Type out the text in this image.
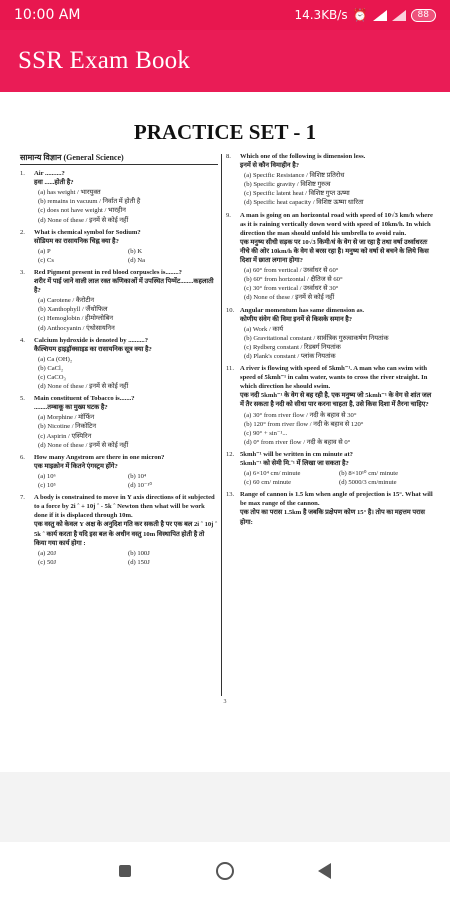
10:00 AM	14.3KB/s ⏰	88
SSR Exam Book
PRACTICE SET - 1
सामान्य विज्ञान (General Science)
1.	Air ..........?
हवा ......होती है?
(a) has weight / भारयुक्त
(b) remains in vacuum / निर्वात में होती है
(c) does not have weight / भारहीन
(d) None of these / इनमें से कोई नहीं
2.	What is chemical symbol for Sodium?
सोडियम का रासायनिक चिह्न क्या है?
(a) P	(b) K
(c) Cs	(d) Na
3.	Red Pigment present in red blood corpuscles is........?
शरीर में पाई जाने वाली लाल रक्त कणिकाओं में उपस्थित पिग्मेंट........कहलाती है?
(a) Carotene / कैरोटीन
(b) Xanthophyll / जैंथोफिल
(c) Hemoglobin / हीमोग्लोबिन
(d) Anthocyanin / एंथोसायनिन
4.	Calcium hydroxide is denoted by ..........?
कैल्शियम हाइड्रॉक्साइड का रासायनिक सूत्र क्या है?
(a) Ca (OH)₂
(b) CaCl₂
(c) CaCO₃
(d) None of these / इनमें से कोई नहीं
5.	Main constituent of Tobacco is.......?
........तम्बाकू का मुख्य घटक है?
(a) Morphine / मॉर्फिन
(b) Nicotine / निकोटिन
(c) Aspirin / एस्पिरिन
(d) None of these / इनमें से कोई नहीं
6.	How many Angstrom are there in one micron?
एक माइक्रोन में कितने एंगस्ट्रम होंगे?
(a) 10⁶	(b) 10⁴
(c) 10⁵	(d) 10⁻¹⁰
7.	A body is constrained to move in Y axis directions of it subjected to a force by 2i ˆ + 10j ˆ - 5k ˆ Newton then what will be work done if it is displaced through 10m.
एक वस्तु को केवल Y अक्ष के अनुदिश गति कर सकती है पर एक बल 2i ˆ 10j ˆ 5k ˆ कार्य करता है यदि इस बल के अधीन वस्तु 10m विस्थापित होती है तो किया गया कार्य होगा :
(a) 20J	(b) 100J
(c) 50J	(d) 150J
8.	Which one of the following is dimension less.
इनमें से कौन विमाहीन है?
(a) Specific Resistance / विशिष्ट प्रतिरोध
(b) Specific gravity / विशिष्ट गुरुत्व
(c) Specific latent heat / विशिष्ट गुप्त ऊष्मा
(d) Specific heat capacity / विशिष्ट ऊष्मा धारिता
9.	A man is going on an horizontal road with speed of 10√3 km/h where as it is raining vertically down word with speed of 10km/h. In which direction the man should unfold his umbrella to avoid rain.
एक मनुष्य सीधी सड़क पर 10√3 किमी/घं के वेग से जा रहा है तथा वर्षा उर्ध्वाधरतः नीचे की ओर 10km/h के वेग से बरस रहा है। मनुष्य को वर्षा से बचने के लिये किस दिशा में छाता लगाना होगा?
(a) 60° from vertical / उर्ध्वाधर से 60°
(b) 60° from horizontal / क्षैतिज से 60°
(c) 30° from vertical / उर्ध्वाधर से 30°
(d) None of these / इनमें से कोई नहीं
10. Angular momentum has same dimension as.
कोणीय संवेग की विमा इनमें से किसके समान है?
(a) Work / कार्य
(b) Gravitational constant / सार्वत्रिक गुरुत्वाकर्षण नियतांक
(c) Rydberg constant / रिडबर्ग नियतांक
(d) Plank's constant / प्लांक नियतांक
11. A river is flowing with speed of 5kmh⁻¹. A man who can swim with speed of 5kmh⁻¹ in calm water, wants to cross the river straight. In which direction he should swim.
एक नदी 5kmh⁻¹ के वेग से बह रही है, एक मनुष्य जो 5kmh⁻¹ के वेग से शांत जल में तैर सकता है नदी को सीधा पार करना चाहता है, उसे किस दिशा में तैरना चाहिए?
(a) 30° from river flow / नदी के बहाव से 30°
(b) 120° from river flow / नदी के बहाव से 120°
(c) 90° + sin⁻¹...
(d) 0° from river flow / नदी के बहाव से 0°
12. 5kmh⁻¹ will be written in cm minute at?
5kmh⁻¹ को सेमी मि.⁻¹ में लिखा जा सकता है?
(a) 6×10⁴ cm/ minute	(b) 8×10¹⁰ cm/ minute
(c) 60 cm/ minute	(d) 5000/3 cm/minute
13. Range of cannon is 1.5 km when angle of projection is 15°. What will be max range of the cannon.
एक तोप का परास 1.5km है जबकि प्रक्षेपण कोण 15° है। तोप का महत्तम परास होगा:
3
